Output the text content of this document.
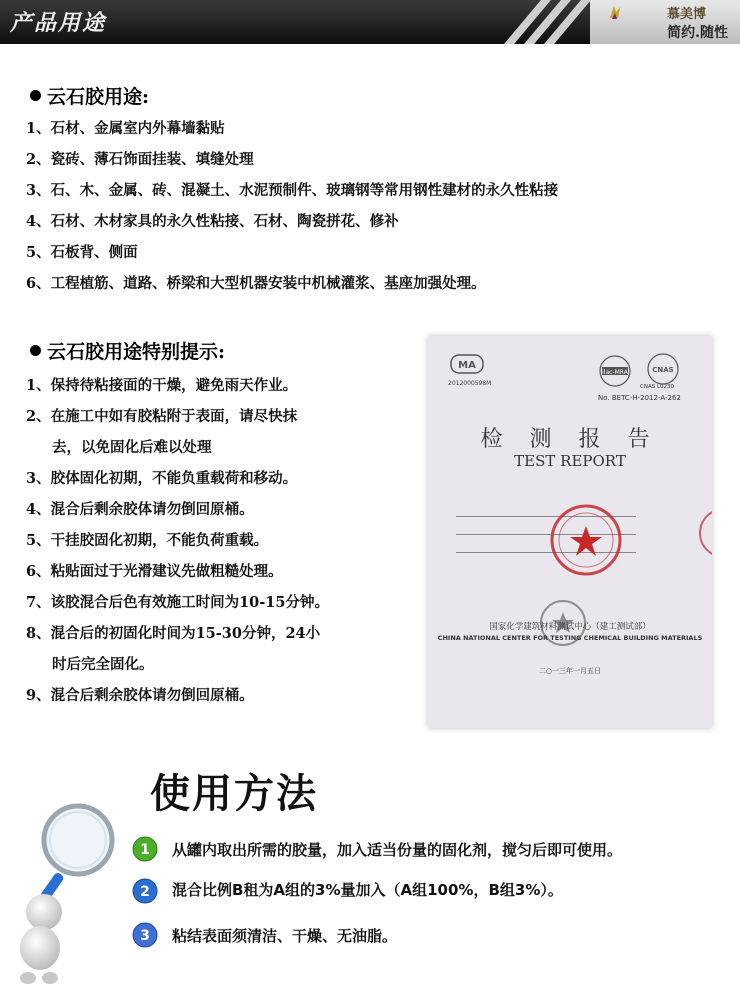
产品用途	慕美博
简约.随性
云石胶用途:
1、石材、金属室内外幕墙黏贴
2、瓷砖、薄石饰面挂装、填缝处理
3、石、木、金属、砖、混凝土、水泥预制件、玻璃钢等常用钢性建材的永久性粘接
4、石材、木材家具的永久性粘接、石材、陶瓷拼花、修补
5、石板背、侧面
6、工程植筋、道路、桥梁和大型机器安装中机械灌浆、基座加强处理。
云石胶用途特别提示:
1、保持待粘接面的干燥，避免雨天作业。
2、在施工中如有胶粘附于表面，请尽快抹
去，以免固化后难以处理
3、胶体固化初期，不能负重载荷和移动。
4、混合后剩余胶体请勿倒回原桶。
5、干挂胶固化初期，不能负荷重载。
6、粘贴面过于光滑建议先做粗糙处理。
7、该胶混合后色有效施工时间为10-15分钟。
8、混合后的初固化时间为15-30分钟，24小
时后完全固化。
9、混合后剩余胶体请勿倒回原桶。
MA
2012000598M
ilac-MRA	CNAS
CNAS L0230
No. BETC-H-2012-A-262
检 测 报 告
TEST REPORT
国家化学建筑材料测试中心（建工测试部）
CHINA NATIONAL CENTER FOR TESTING CHEMICAL BUILDING MATERIALS
二○一三年一月五日
使用方法
1 从罐内取出所需的胶量，加入适当份量的固化剂，搅匀后即可使用。
2 混合比例B租为A组的3%量加入（A组100%，B组3%）。
3 粘结表面须清洁、干燥、无油脂。
